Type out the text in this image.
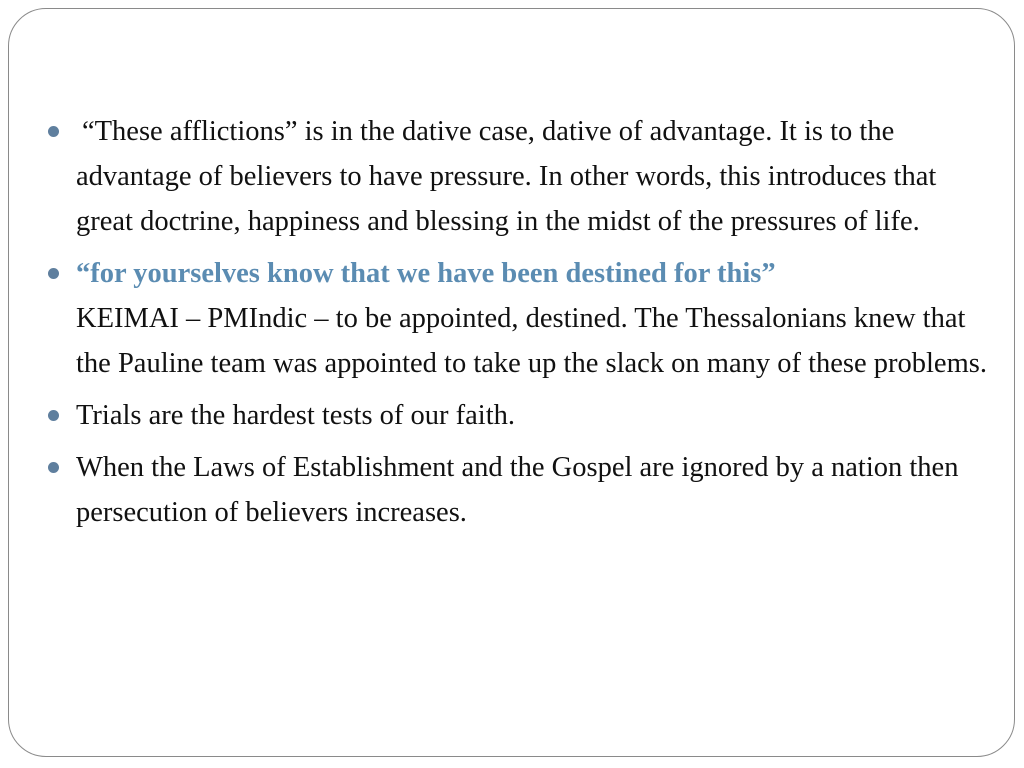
“These afflictions” is in the dative case, dative of advantage. It is to the advantage of believers to have pressure. In other words, this introduces that great doctrine, happiness and blessing in the midst of the pressures of life.
“for yourselves know that we have been destined for this”
KEIMAI – PMIndic – to be appointed, destined. The Thessalonians knew that the Pauline team was appointed to take up the slack on many of these problems.
Trials are the hardest tests of our faith.
When the Laws of Establishment and the Gospel are ignored by a nation then  persecution of believers increases.
